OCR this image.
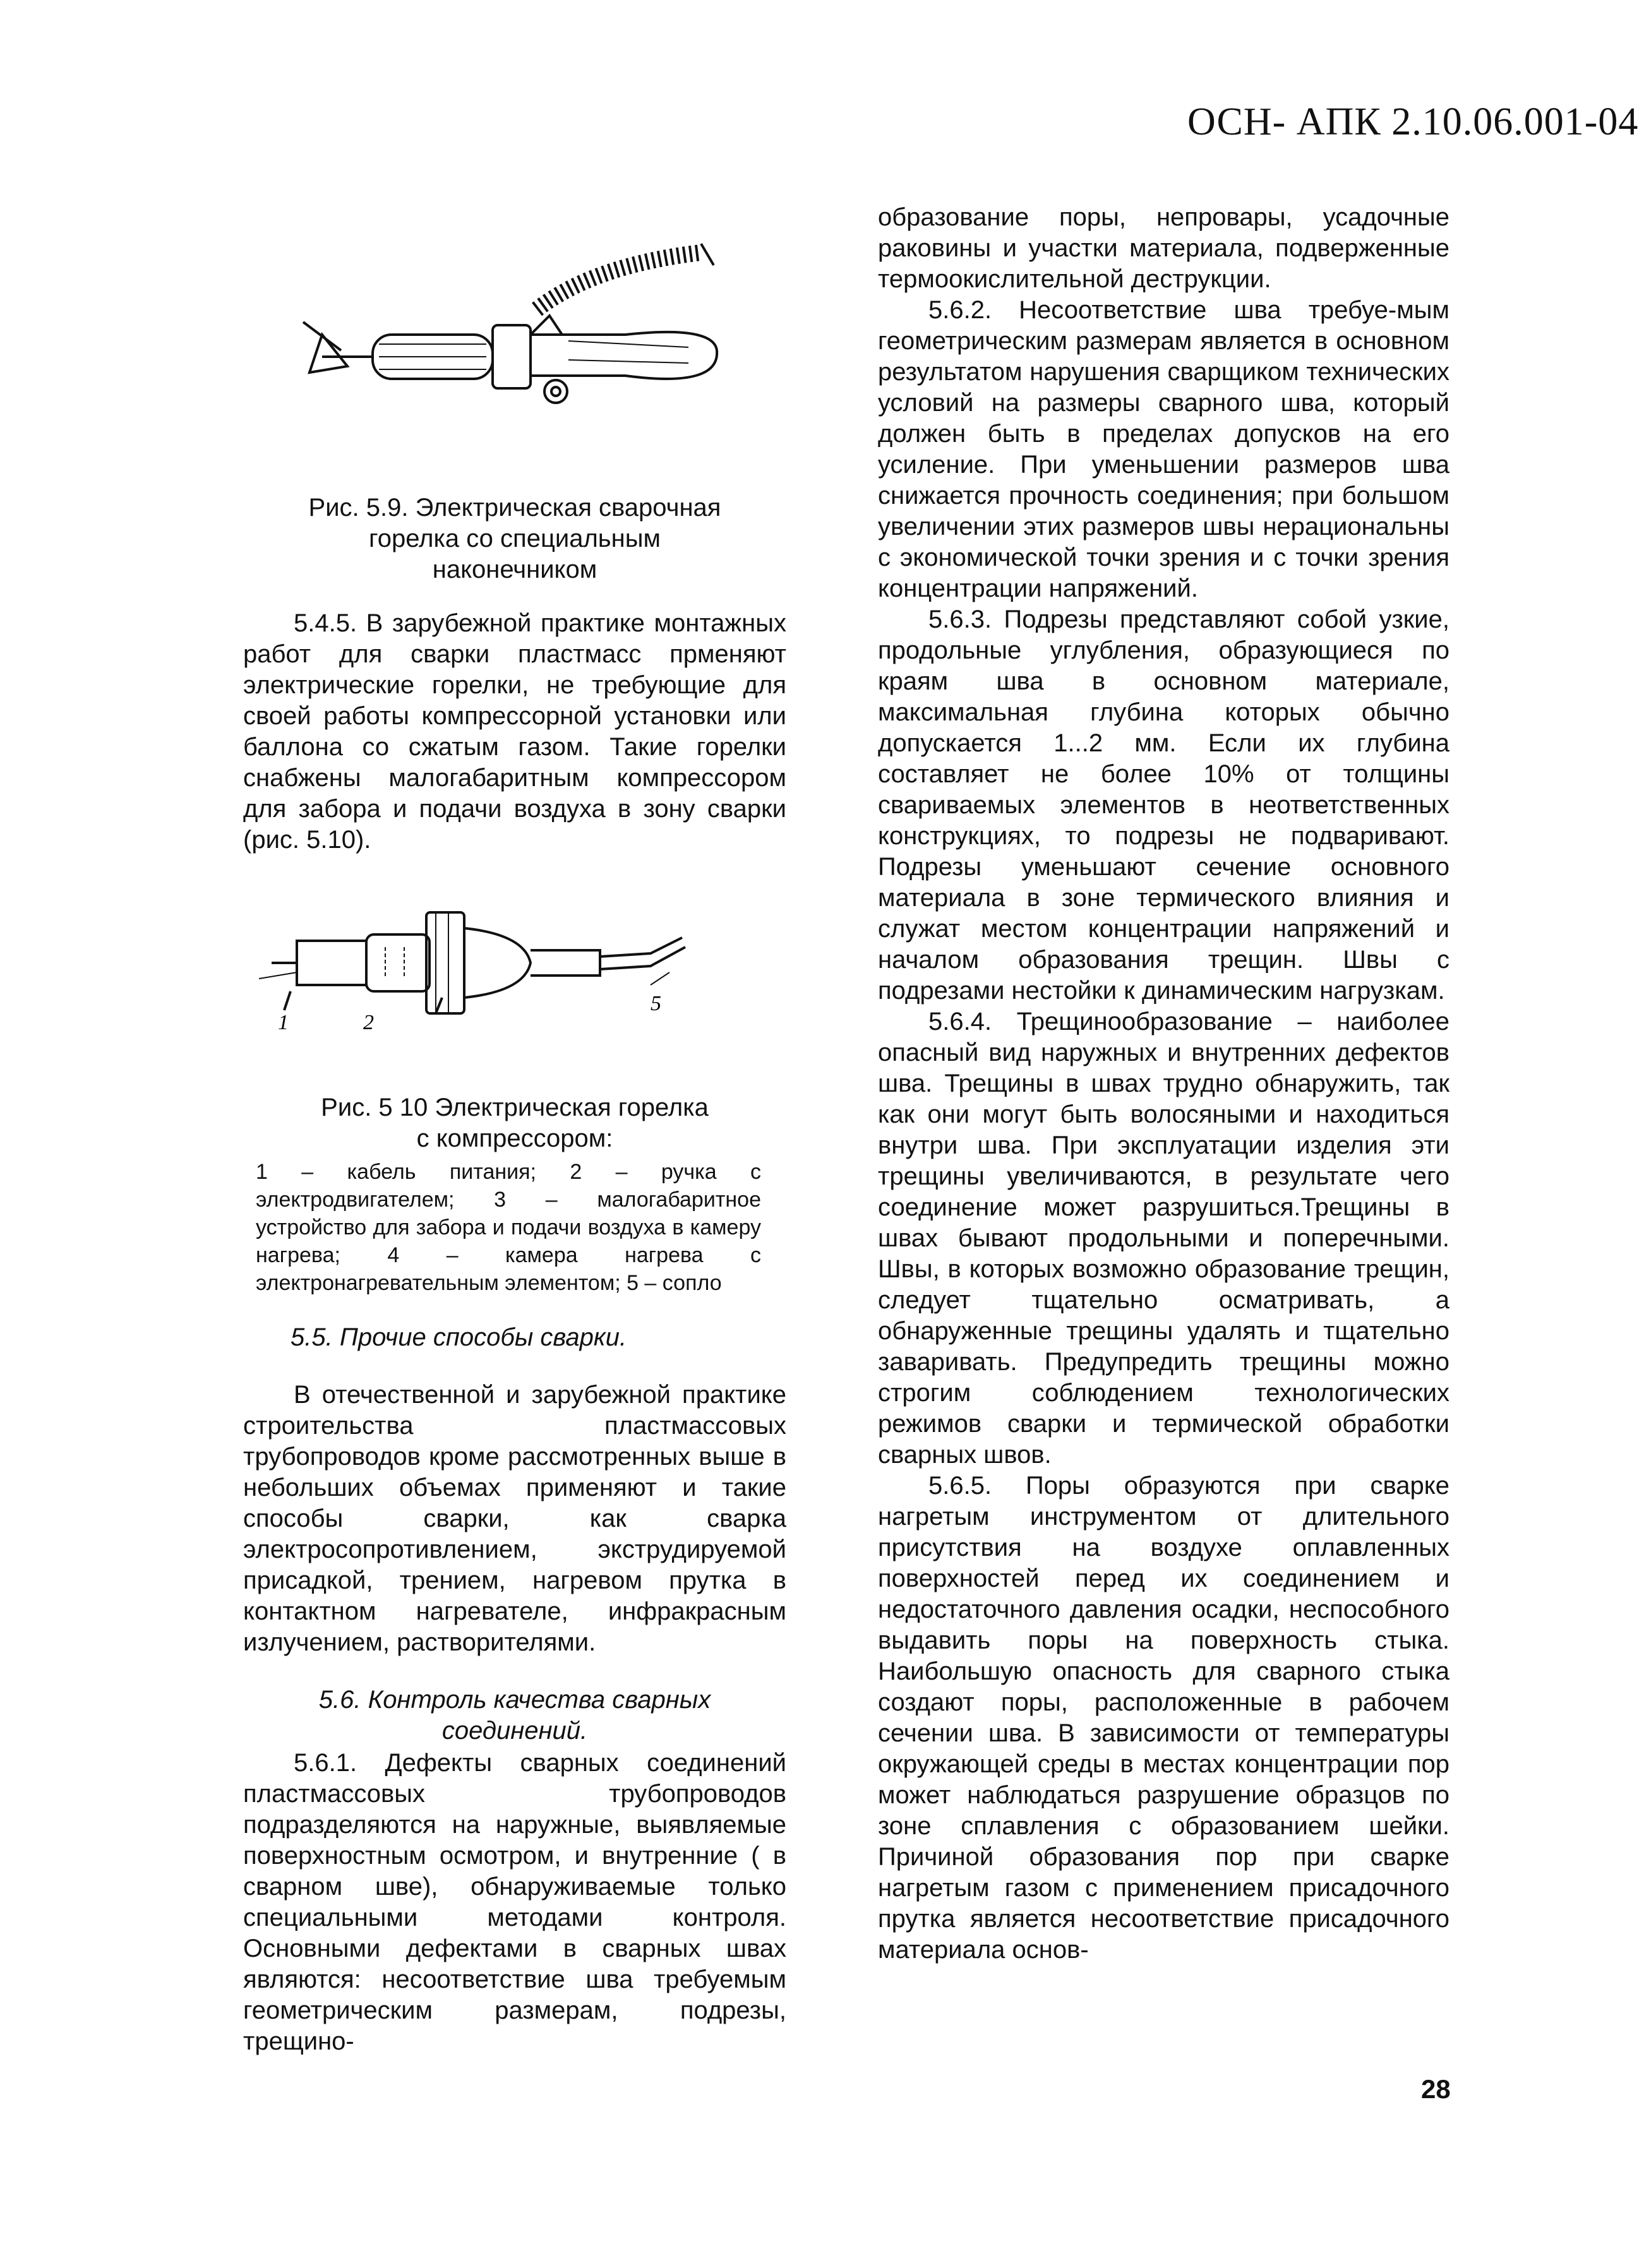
ОСН- АПК 2.10.06.001-04
1	2
5
Рис. 5.9. Электрическая сварочная
горелка со специальным
наконечником

5.4.5. В зарубежной практике монтажных работ для сварки пластмасс прменяют электрические горелки, не требующие для своей работы компрессорной установки или баллона со сжатым газом. Такие горелки снабжены малогабаритным компрессором для забора и подачи воздуха в зону сварки (рис. 5.10).

Рис. 5 10 Электрическая горелка
с компрессором:

1 – кабель питания; 2 – ручка с электродвигателем; 3 – малогабаритное устройство для забора и подачи воздуха в камеру нагрева; 4 – камера нагрева с электронагревательным элементом; 5 – сопло

5.5. Прочие способы сварки.

В отечественной и зарубежной практике строительства пластмассовых трубопроводов кроме рассмотренных выше в небольших объемах применяют и такие способы сварки, как сварка электросопротивлением, экструдируемой присадкой, трением, нагревом прутка в контактном нагревателе, инфракрасным излучением, растворителями.

5.6. Контроль качества сварных
соединений.

5.6.1. Дефекты сварных соединений пластмассовых трубопроводов подразделяются на наружные, выявляемые поверхностным осмотром, и внутренние ( в сварном шве), обнаруживаемые только специальными методами контроля. Основными дефектами в сварных швах являются: несоответствие шва требуемым геометрическим размерам, подрезы, трещино-

образование поры, непровары, усадочные раковины и участки материала, подверженные термоокислительной деструкции.

5.6.2. Несоответствие шва требуе-мым геометрическим размерам является в основном результатом нарушения сварщиком технических условий на размеры сварного шва, который должен быть в пределах допусков на его усиление. При уменьшении размеров шва снижается прочность соединения; при большом увеличении этих размеров швы нерациональны с экономической точки зрения и с точки зрения концентрации напряжений.

5.6.3. Подрезы представляют собой узкие, продольные углубления, образующиеся по краям шва в основном материале, максимальная глубина которых обычно допускается 1...2 мм. Если их глубина составляет не более 10% от толщины свариваемых элементов в неответственных конструкциях, то подрезы не подваривают. Подрезы уменьшают сечение основного материала в зоне термического влияния и служат местом концентрации напряжений и началом образования трещин. Швы с подрезами нестойки к динамическим нагрузкам.

5.6.4. Трещинообразование – наиболее опасный вид наружных и внутренних дефектов шва. Трещины в швах трудно обнаружить, так как они могут быть волосяными и находиться внутри шва. При эксплуатации изделия эти трещины увеличиваются, в результате чего соединение может разрушиться.Трещины в швах бывают продольными и поперечными. Швы, в которых возможно образование трещин, следует тщательно осматривать, а обнаруженные трещины удалять и тщательно заваривать. Предупредить трещины можно строгим соблюдением технологических режимов сварки и термической обработки сварных швов.

5.6.5. Поры образуются при сварке нагретым инструментом от длительного присутствия на воздухе оплавленных поверхностей перед их соединением и недостаточного давления осадки, неспособного выдавить поры на поверхность стыка. Наибольшую опасность для сварного стыка создают поры, расположенные в рабочем сечении шва. В зависимости от температуры окружающей среды в местах концентрации пор может наблюдаться разрушение образцов по зоне сплавления с образованием шейки. Причиной образования пор при сварке нагретым газом с применением присадочного прутка является несоответствие присадочного материала основ-

28
